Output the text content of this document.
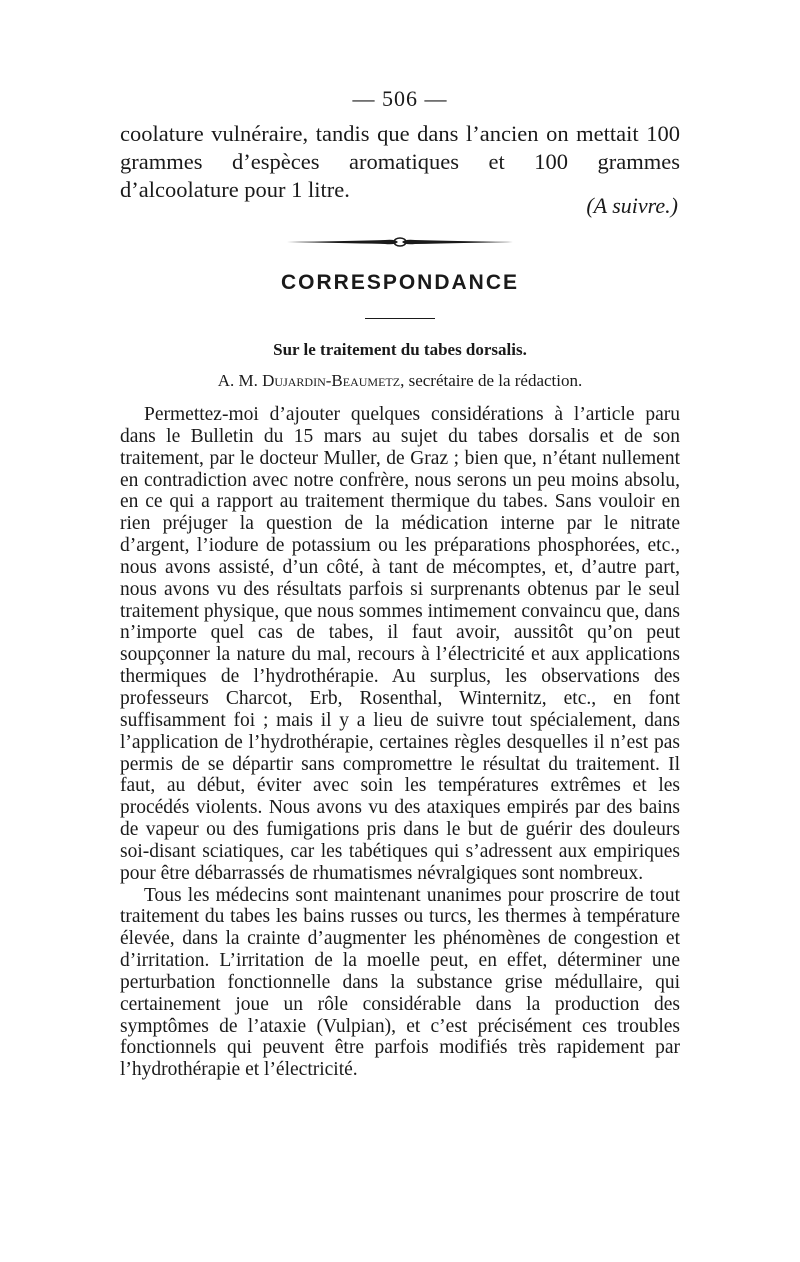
— 506 —
coolature vulnéraire, tandis que dans l’ancien on mettait 100 grammes d’espèces aromatiques et 100 grammes d’alcoolature pour 1 litre.
(A suivre.)
CORRESPONDANCE
Sur le traitement du tabes dorsalis.
A. M. Dujardin-Beaumetz, secrétaire de la rédaction.

Permettez-moi d’ajouter quelques considérations à l’article paru dans le Bulletin du 15 mars au sujet du tabes dorsalis et de son traitement, par le docteur Muller, de Graz ; bien que, n’étant nullement en contradiction avec notre confrère, nous serons un peu moins absolu, en ce qui a rapport au traitement thermique du tabes. Sans vouloir en rien préjuger la question de la médication interne par le nitrate d’argent, l’iodure de potassium ou les préparations phosphorées, etc., nous avons assisté, d’un côté, à tant de mécomptes, et, d’autre part, nous avons vu des résultats parfois si surprenants obtenus par le seul traitement physique, que nous sommes intimement convaincu que, dans n’importe quel cas de tabes, il faut avoir, aussitôt qu’on peut soupçonner la nature du mal, recours à l’électricité et aux applications thermiques de l’hydrothérapie. Au surplus, les observations des professeurs Charcot, Erb, Rosenthal, Winternitz, etc., en font suffisamment foi ; mais il y a lieu de suivre tout spécialement, dans l’application de l’hydrothérapie, certaines règles desquelles il n’est pas permis de se départir sans compromettre le résultat du traitement. Il faut, au début, éviter avec soin les températures extrêmes et les procédés violents. Nous avons vu des ataxiques empirés par des bains de vapeur ou des fumigations pris dans le but de guérir des douleurs soi-disant sciatiques, car les tabétiques qui s’adressent aux empiriques pour être débarrassés de rhumatismes névralgiques sont nombreux.

Tous les médecins sont maintenant unanimes pour proscrire de tout traitement du tabes les bains russes ou turcs, les thermes à température élevée, dans la crainte d’augmenter les phénomènes de congestion et d’irritation. L’irritation de la moelle peut, en effet, déterminer une perturbation fonctionnelle dans la substance grise médullaire, qui certainement joue un rôle considérable dans la production des symptômes de l’ataxie (Vulpian), et c’est précisément ces troubles fonctionnels qui peuvent être parfois modifiés très rapidement par l’hydrothérapie et l’électricité.
